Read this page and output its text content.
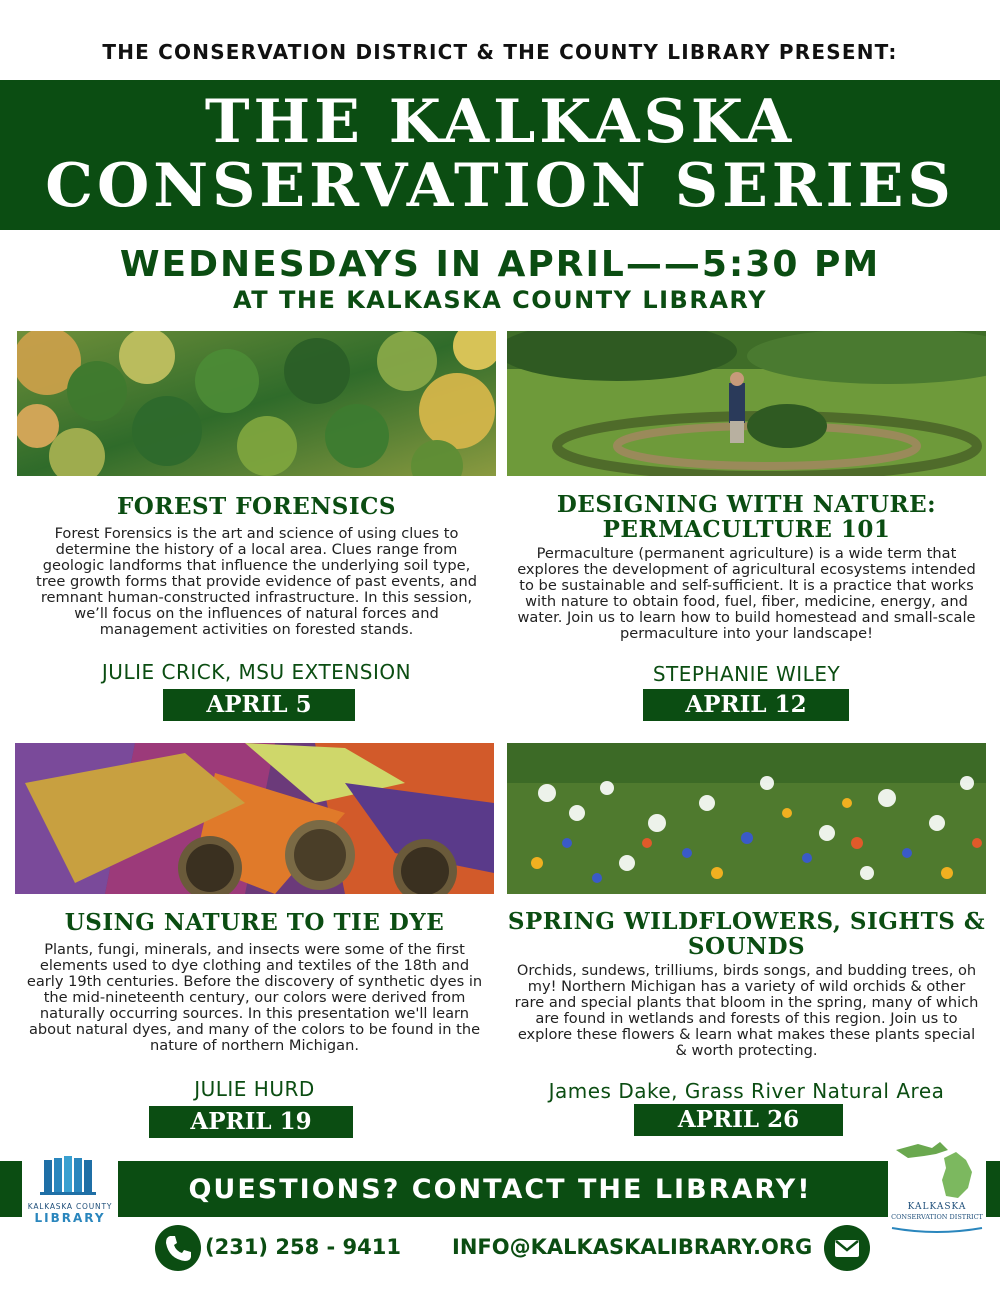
THE CONSERVATION DISTRICT & THE COUNTY LIBRARY PRESENT:
THE KALKASKA
CONSERVATION SERIES
WEDNESDAYS IN APRIL——5:30 PM
AT THE KALKASKA COUNTY LIBRARY
FOREST FORENSICS
Forest Forensics is the art and science of using clues to determine the history of a local area. Clues range from geologic landforms that influence the underlying soil type, tree growth forms that provide evidence of past events, and remnant human-constructed infrastructure. In this session, we’ll focus on the influences of natural forces and management activities on forested stands.
JULIE CRICK, MSU EXTENSION
APRIL 5
DESIGNING WITH NATURE: PERMACULTURE 101
Permaculture (permanent agriculture) is a wide term that explores the development of agricultural ecosystems intended to be sustainable and self-sufficient. It is a practice that works with nature to obtain food, fuel, fiber, medicine, energy, and water. Join us to learn how to build homestead and small-scale permaculture into your landscape!
STEPHANIE WILEY
APRIL 12
USING NATURE TO TIE DYE
Plants, fungi, minerals, and insects were some of the first elements used to dye clothing and textiles of the 18th and early 19th centuries. Before the discovery of synthetic dyes in the mid-nineteenth century, our colors were derived from naturally occurring sources. In this presentation we'll learn about natural dyes, and many of the colors to be found in the nature of northern Michigan.
JULIE HURD
APRIL 19
SPRING WILDFLOWERS, SIGHTS & SOUNDS
Orchids, sundews, trilliums, birds songs, and budding trees, oh my! Northern Michigan has a variety of wild orchids & other rare and special plants that bloom in the spring, many of which are found in wetlands and forests of this region. Join us to explore these flowers & learn what makes these plants special & worth protecting.
James Dake, Grass River Natural Area
APRIL 26
QUESTIONS? CONTACT THE LIBRARY!
KALKASKA COUNTY
LIBRARY
KALKASKA
CONSERVATION DISTRICT
(231) 258 - 9411 INFO@KALKASKALIBRARY.ORG
